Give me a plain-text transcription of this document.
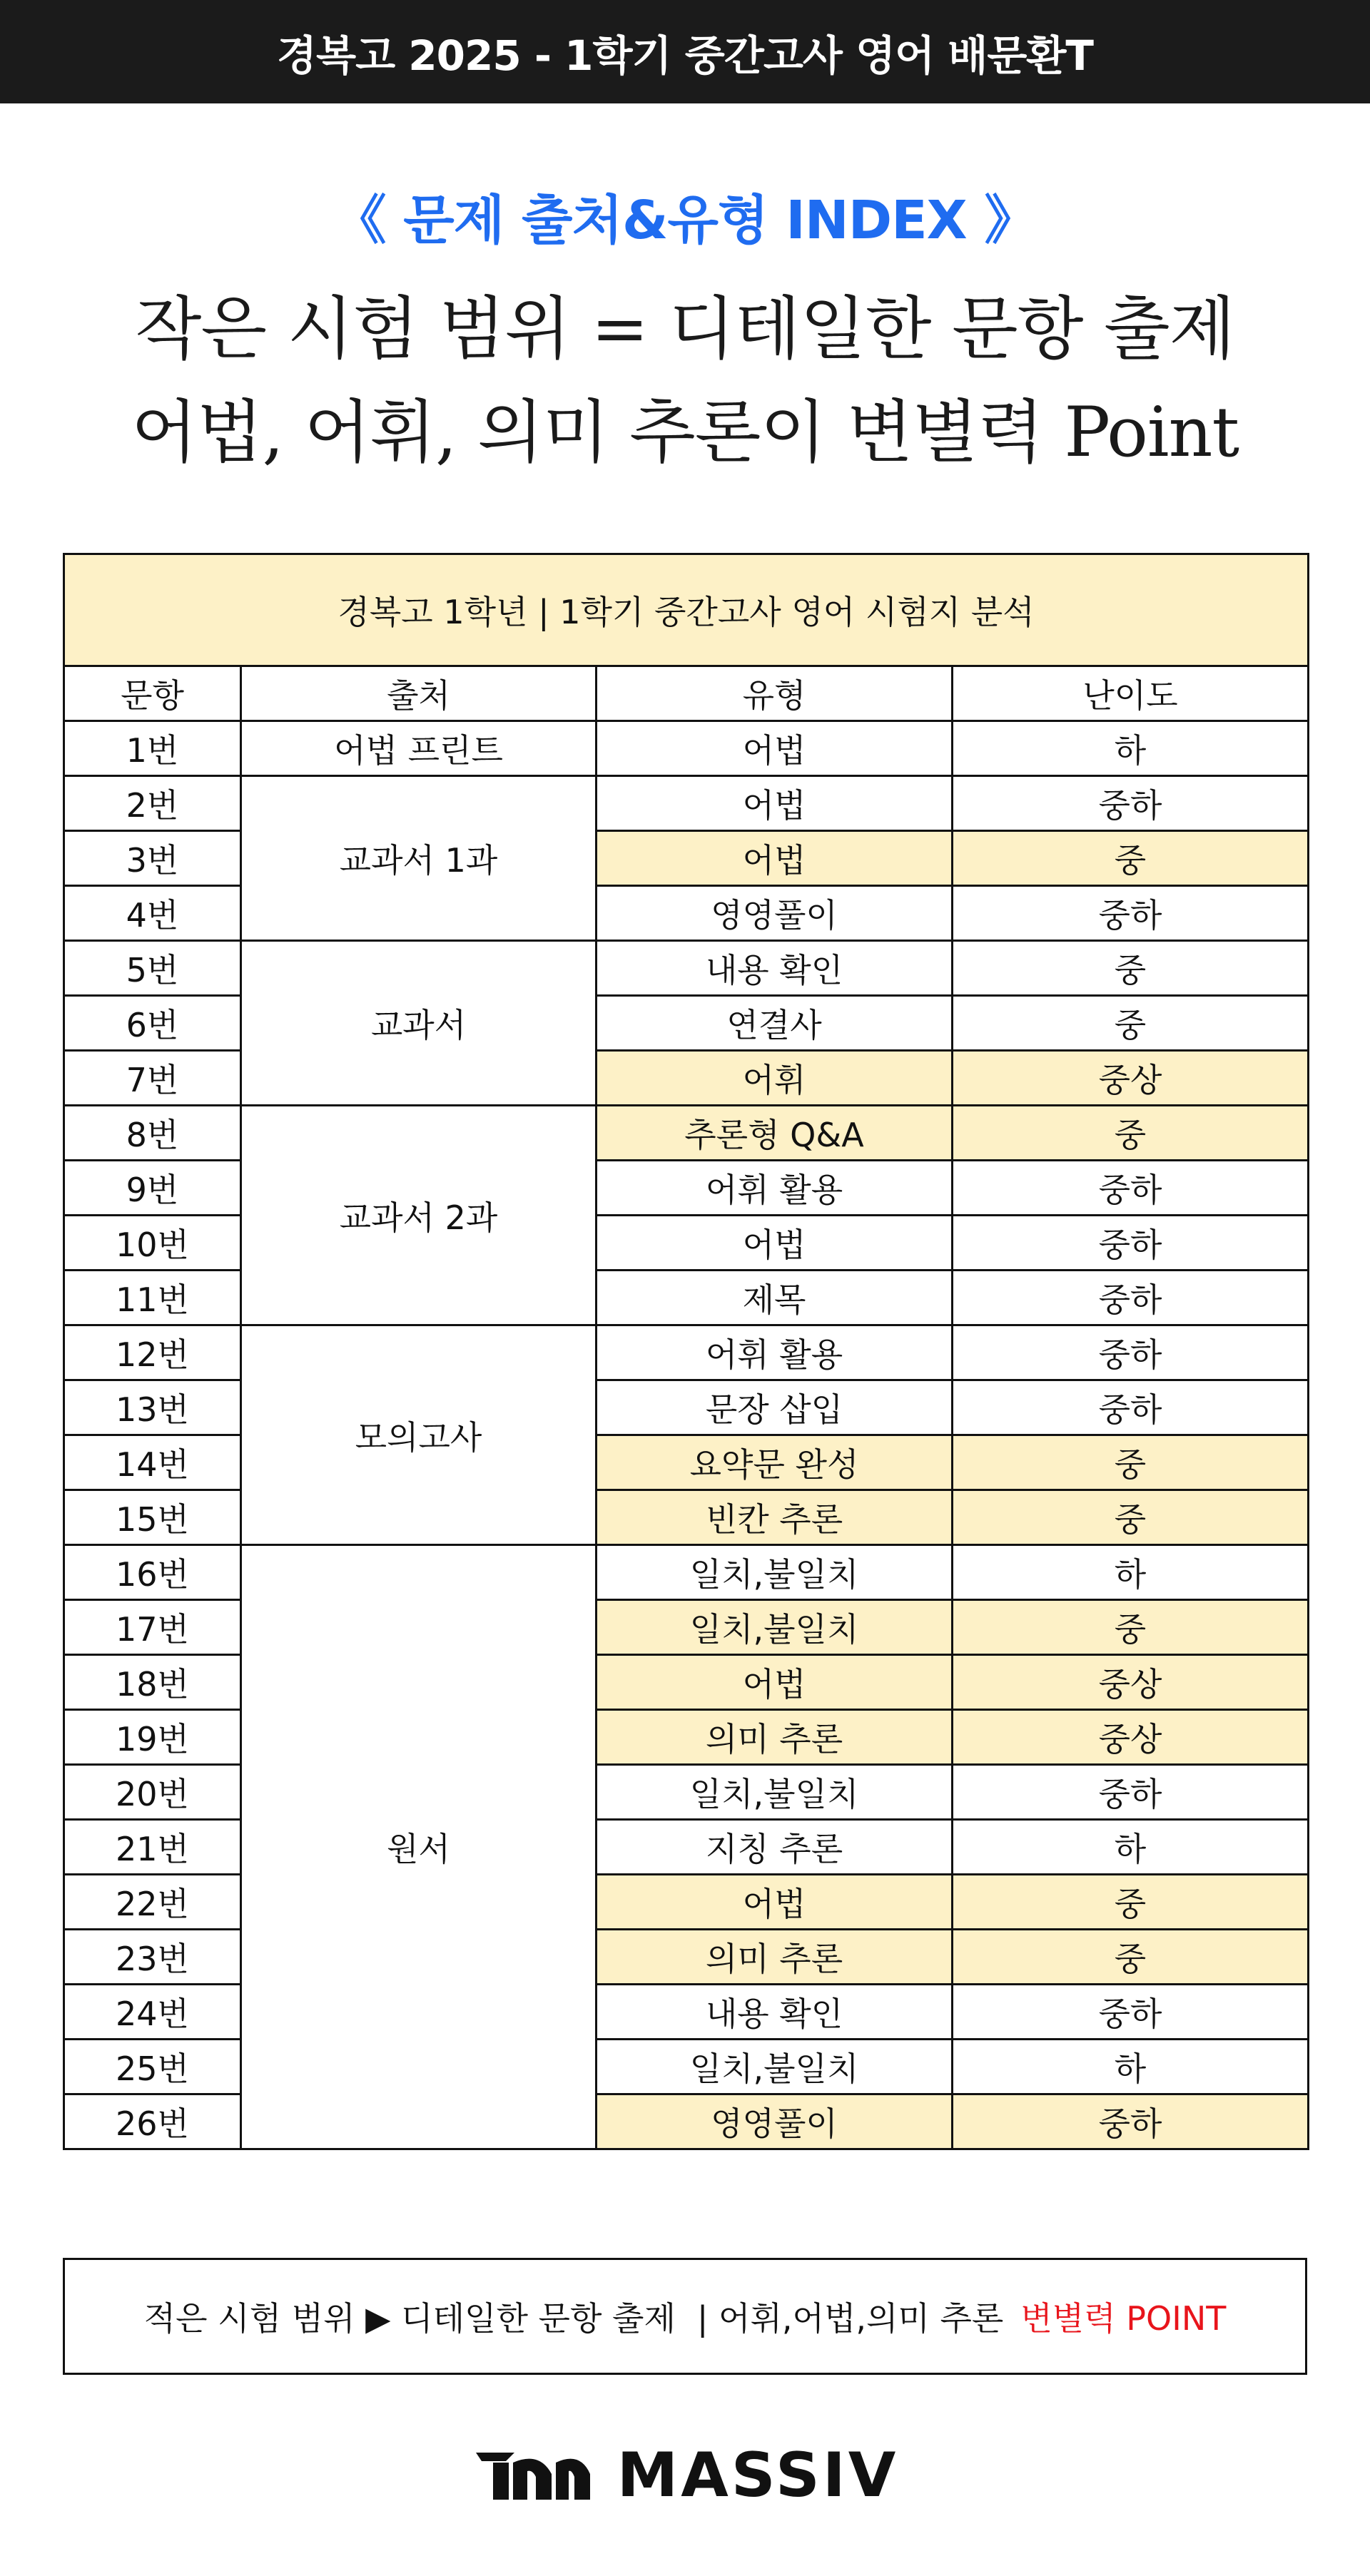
경복고 2025 - 1학기 중간고사 영어 배문환T
《 문제 출처&유형 INDEX 》
작은 시험 범위 = 디테일한 문항 출제
어법, 어휘, 의미 추론이 변별력 Point
경복고 1학년 | 1학기 중간고사 영어 시험지 분석			
문항	출처	유형	난이도
1번	어법 프린트	어법	하
2번	교과서 1과	어법	중하
3번		어법	중
4번		영영풀이	중하
5번	교과서	내용 확인	중
6번		연결사	중
7번		어휘	중상
8번	교과서 2과	추론형 Q&A	중
9번		어휘 활용	중하
10번		어법	중하
11번		제목	중하
12번	모의고사	어휘 활용	중하
13번		문장 삽입	중하
14번		요약문 완성	중
15번		빈칸 추론	중
16번	원서	일치,불일치	하
17번		일치,불일치	중
18번		어법	중상
19번		의미 추론	중상
20번		일치,불일치	중하
21번		지칭 추론	하
22번		어법	중
23번		의미 추론	중
24번		내용 확인	중하
25번		일치,불일치	하
26번		영영풀이	중하
적은 시험 범위 ▶ 디테일한 문항 출제 | 어휘,어법,의미 추론 변별력 POINT
MASSIV
